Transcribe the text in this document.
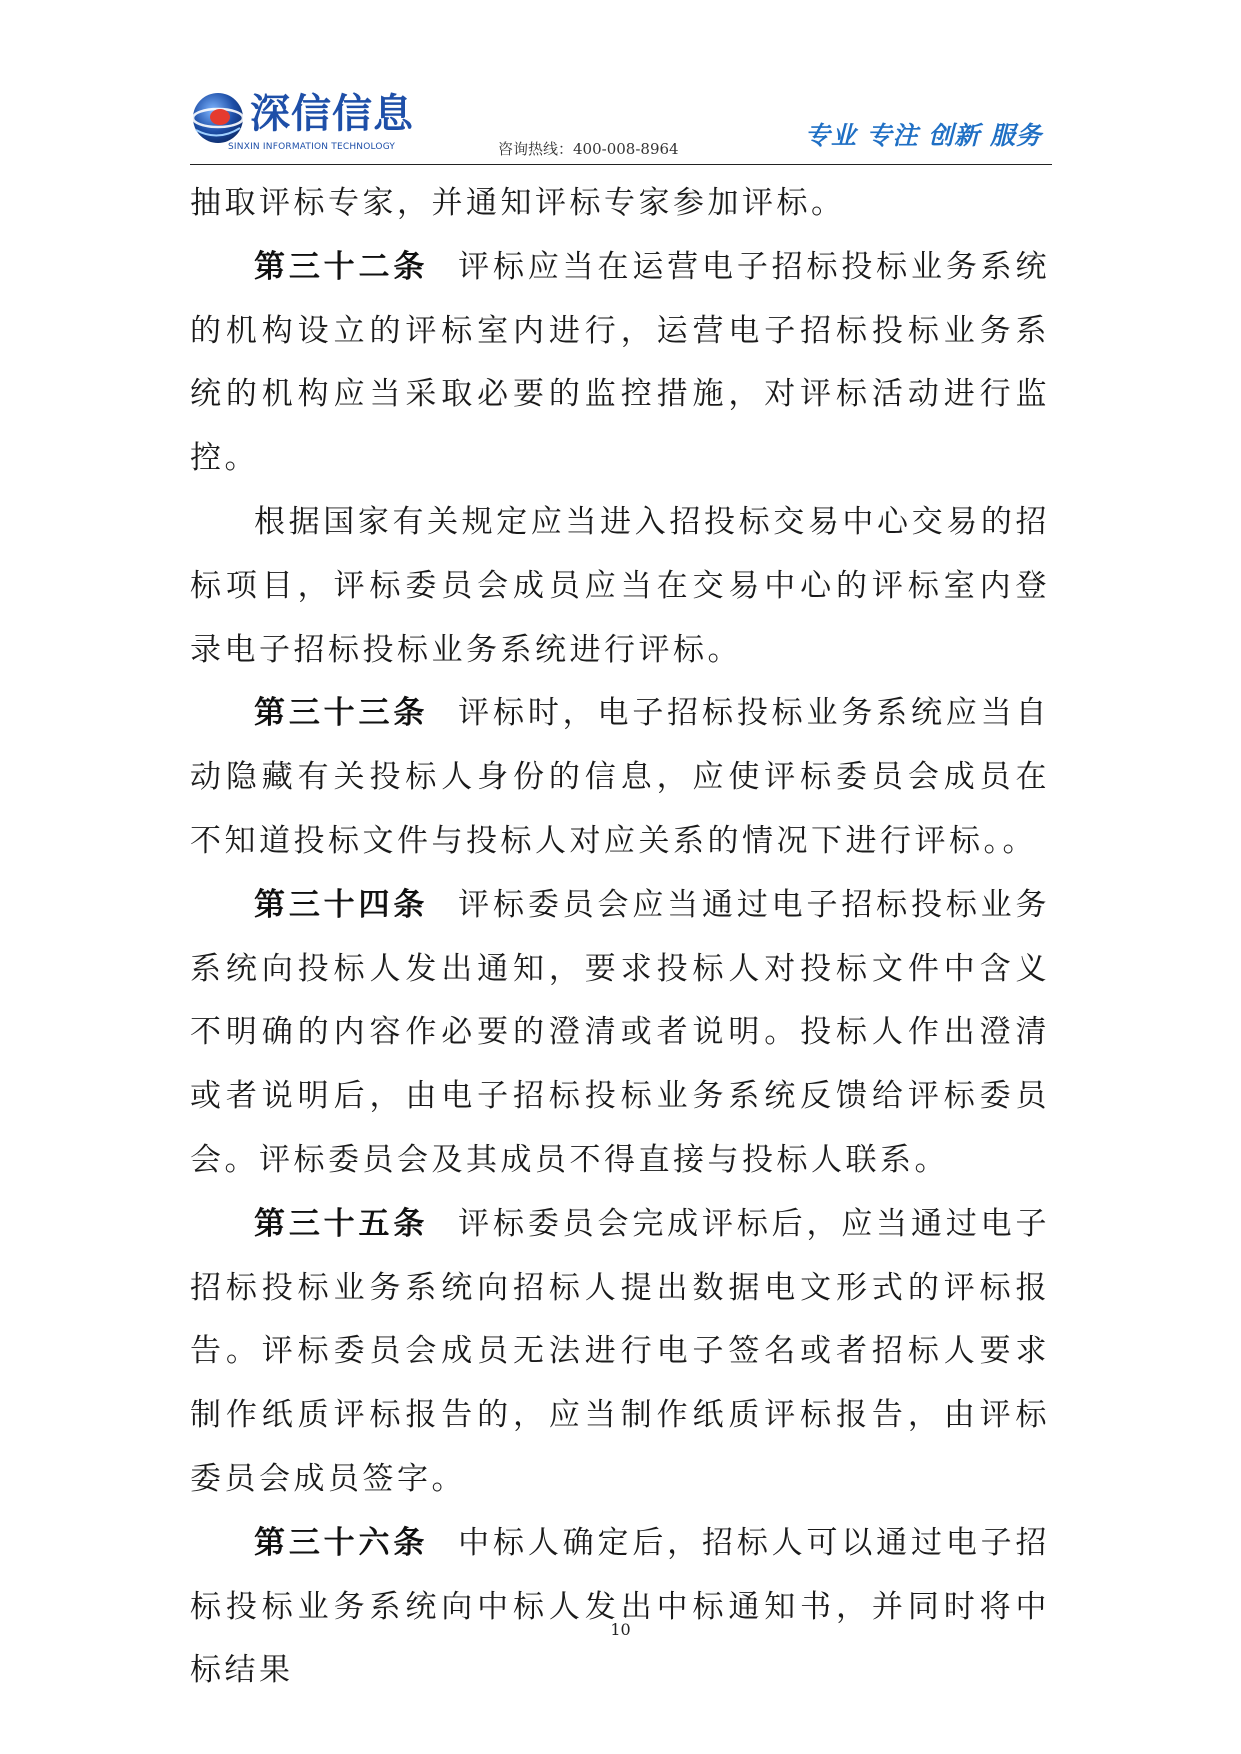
深信信息
SINXIN INFORMATION TECHNOLOGY	咨询热线：400-008-8964	专业 专注 创新 服务

抽取评标专家，并通知评标专家参加评标。

第三十二条 评标应当在运营电子招标投标业务系统的机构设立的评标室内进行，运营电子招标投标业务系统的机构应当采取必要的监控措施，对评标活动进行监控。

根据国家有关规定应当进入招投标交易中心交易的招标项目，评标委员会成员应当在交易中心的评标室内登录电子招标投标业务系统进行评标。

第三十三条 评标时，电子招标投标业务系统应当自动隐藏有关投标人身份的信息，应使评标委员会成员在不知道投标文件与投标人对应关系的情况下进行评标。。

第三十四条 评标委员会应当通过电子招标投标业务系统向投标人发出通知，要求投标人对投标文件中含义不明确的内容作必要的澄清或者说明。投标人作出澄清或者说明后，由电子招标投标业务系统反馈给评标委员会。评标委员会及其成员不得直接与投标人联系。

第三十五条 评标委员会完成评标后，应当通过电子招标投标业务系统向招标人提出数据电文形式的评标报告。评标委员会成员无法进行电子签名或者招标人要求制作纸质评标报告的，应当制作纸质评标报告，由评标委员会成员签字。

第三十六条 中标人确定后，招标人可以通过电子招标投标业务系统向中标人发出中标通知书，并同时将中标结果

10
